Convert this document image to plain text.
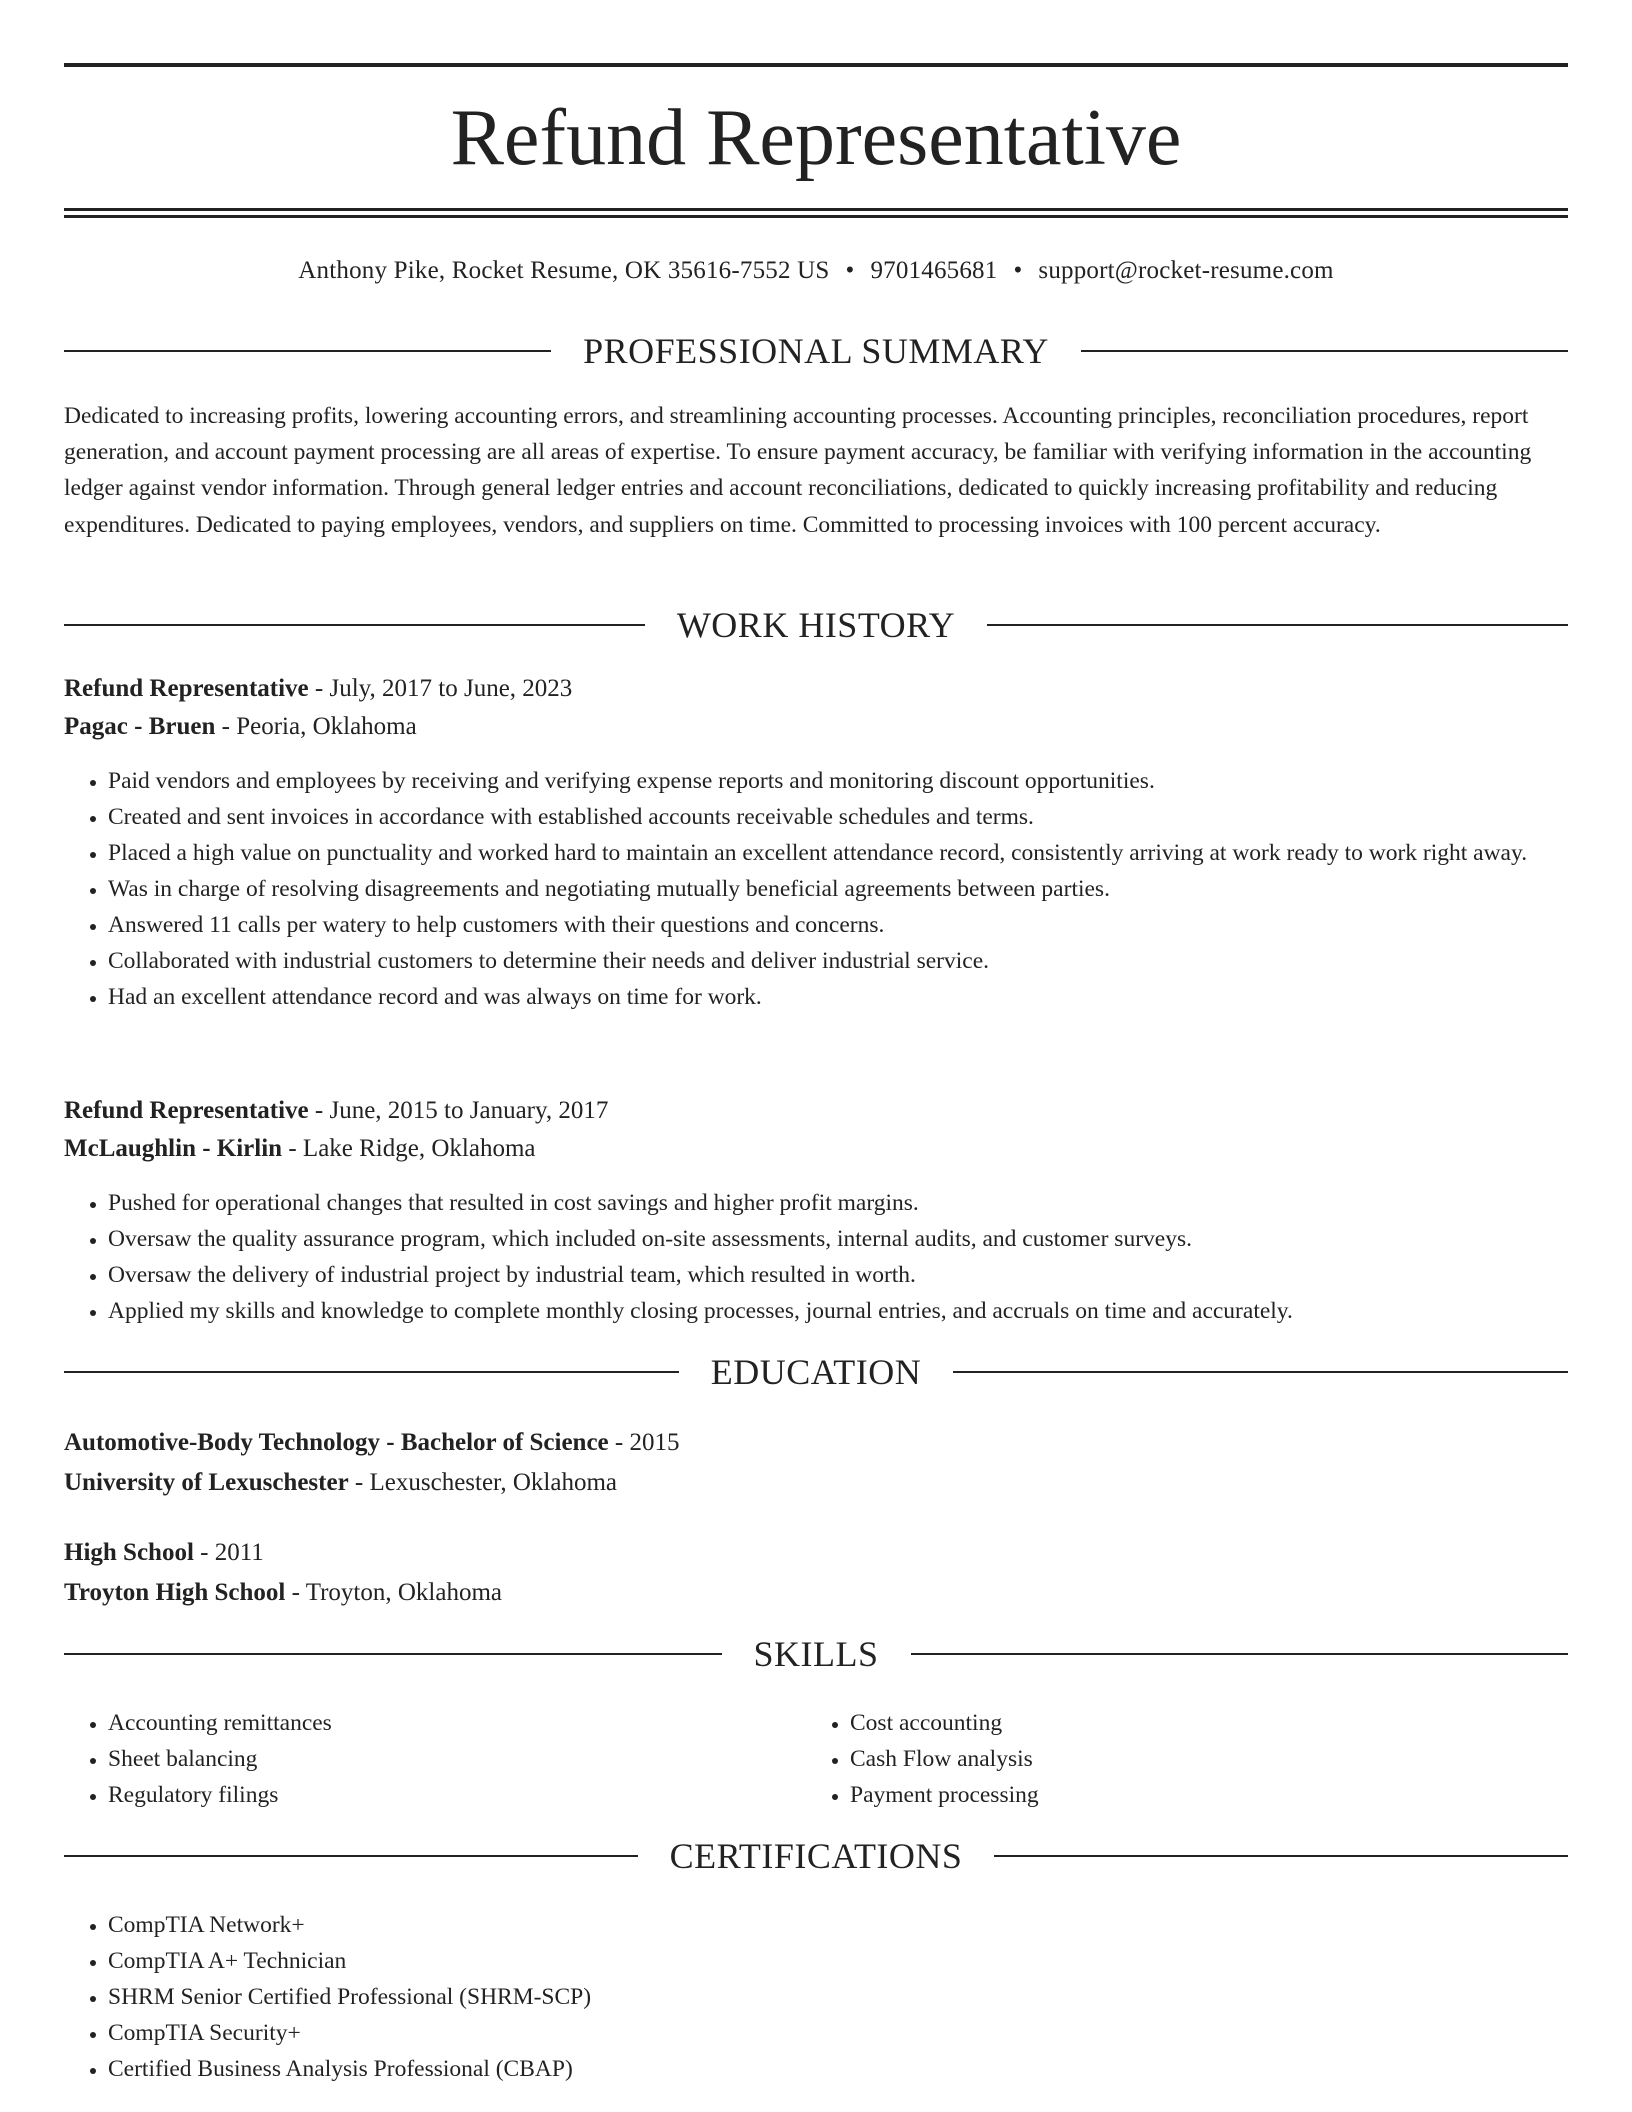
Refund Representative
Anthony Pike, Rocket Resume, OK 35616-7552 US • 9701465681 • support@rocket-resume.com
PROFESSIONAL SUMMARY

Dedicated to increasing profits, lowering accounting errors, and streamlining accounting processes. Accounting principles, reconciliation procedures, report generation, and account payment processing are all areas of expertise. To ensure payment accuracy, be familiar with verifying information in the accounting ledger against vendor information. Through general ledger entries and account reconciliations, dedicated to quickly increasing profitability and reducing expenditures. Dedicated to paying employees, vendors, and suppliers on time. Committed to processing invoices with 100 percent accuracy.

WORK HISTORY
Refund Representative - July, 2017 to June, 2023
Pagac - Bruen - Peoria, Oklahoma
• Paid vendors and employees by receiving and verifying expense reports and monitoring discount opportunities.
• Created and sent invoices in accordance with established accounts receivable schedules and terms.
• Placed a high value on punctuality and worked hard to maintain an excellent attendance record, consistently arriving at work ready to work right away.
• Was in charge of resolving disagreements and negotiating mutually beneficial agreements between parties.
• Answered 11 calls per watery to help customers with their questions and concerns.
• Collaborated with industrial customers to determine their needs and deliver industrial service.
• Had an excellent attendance record and was always on time for work.
Refund Representative - June, 2015 to January, 2017
McLaughlin - Kirlin - Lake Ridge, Oklahoma
• Pushed for operational changes that resulted in cost savings and higher profit margins.
• Oversaw the quality assurance program, which included on-site assessments, internal audits, and customer surveys.
• Oversaw the delivery of industrial project by industrial team, which resulted in worth.
• Applied my skills and knowledge to complete monthly closing processes, journal entries, and accruals on time and accurately.
EDUCATION
Automotive-Body Technology - Bachelor of Science - 2015
University of Lexuschester - Lexuschester, Oklahoma
High School - 2011
Troyton High School - Troyton, Oklahoma
SKILLS
• Accounting remittances
• Sheet balancing
• Regulatory filings
• Cost accounting
• Cash Flow analysis
• Payment processing
CERTIFICATIONS
• CompTIA Network+
• CompTIA A+ Technician
• SHRM Senior Certified Professional (SHRM-SCP)
• CompTIA Security+
• Certified Business Analysis Professional (CBAP)
